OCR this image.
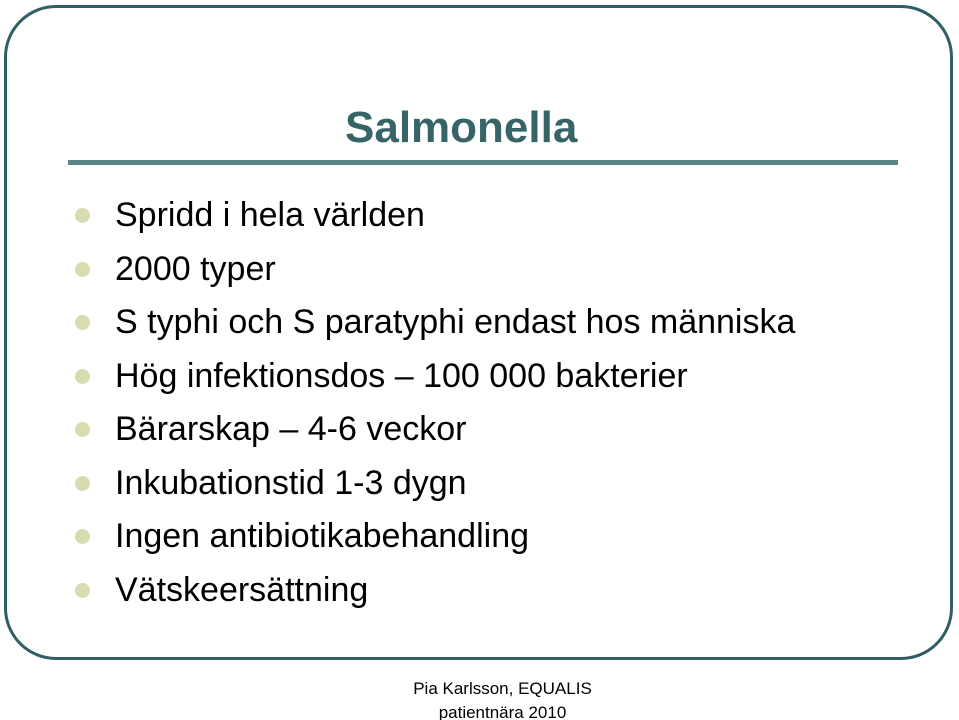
Salmonella
Spridd i hela världen
2000 typer
S typhi och S paratyphi endast hos människa
Hög infektionsdos – 100 000 bakterier
Bärarskap – 4-6 veckor
Inkubationstid 1-3 dygn
Ingen antibiotikabehandling
Vätskeersättning
Pia Karlsson, EQUALIS
patientnära 2010
